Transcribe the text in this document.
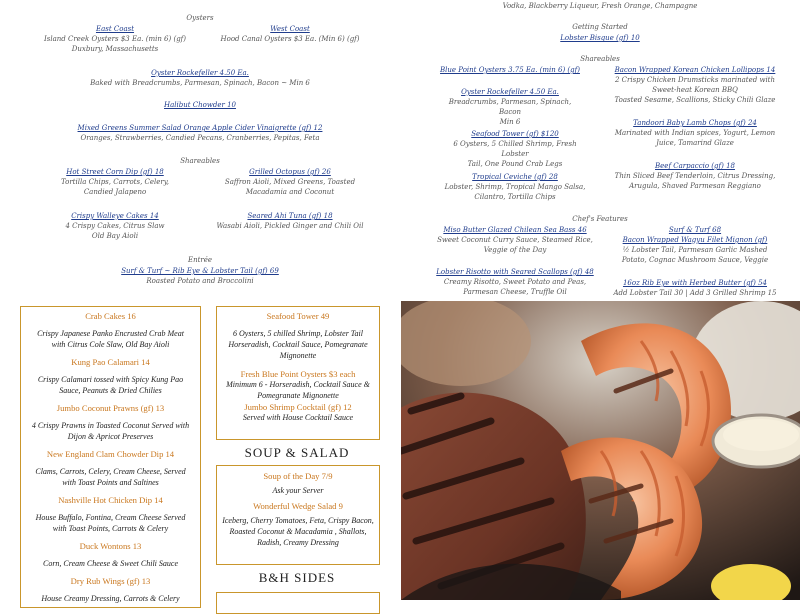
Oysters
East Coast
Island Creek Oysters $3 Ea. (min 6) (gf)
Duxbury, Massachusetts
West Coast
Hood Canal Oysters $3 Ea. (Min 6) (gf)
Oyster Rockefeller 4.50 Ea.
Baked with Breadcrumbs, Parmesan, Spinach, Bacon ~ Min 6
Halibut Chowder 10
Mixed Greens Summer Salad Orange Apple Cider Vinaigrette (gf) 12
Oranges, Strawberries, Candied Pecans, Cranberries, Pepitas, Feta
Shareables
Hot Street Corn Dip (gf) 18
Tortilla Chips, Carrots, Celery,
Candied Jalapeno
Grilled Octopus (gf) 26
Saffron Aioli, Mixed Greens, Toasted
Macadamia and Coconut
Crispy Walleye Cakes 14
4 Crispy Cakes, Citrus Slaw
Old Bay Aioli
Seared Ahi Tuna (gf) 18
Wasabi Aioli, Pickled Ginger and Chili Oil
Entrée
Surf & Turf ~ Rib Eye & Lobster Tail (gf) 69
Roasted Potato and Broccolini
Vodka, Blackberry Liqueur, Fresh Orange, Champagne
Getting Started
Lobster Bisque (gf) 10
Shareables
Blue Point Oysters 3.75 Ea. (min 6) (gf)
Oyster Rockefeller 4.50 Ea.
Breadcrumbs, Parmesan, Spinach, Bacon
Min 6
Seafood Tower (gf) $120
6 Oysters, 5 Chilled Shrimp, Fresh Lobster
Tail, One Pound Crab Legs
Tropical Ceviche (gf) 28
Lobster, Shrimp, Tropical Mango Salsa,
Cilantro, Tortilla Chips
Bacon Wrapped Korean Chicken Lollipops 14
2 Crispy Chicken Drumsticks marinated with
Sweet-heat Korean BBQ
Toasted Sesame, Scallions, Sticky Chili Glaze
Tandoori Baby Lamb Chops (gf) 24
Marinated with Indian spices, Yogurt, Lemon
Juice, Tamarind Glaze
Beef Carpaccio (gf) 18
Thin Sliced Beef Tenderloin, Citrus Dressing,
Arugula, Shaved Parmesan Reggiano
Chef's Features
Miso Butter Glazed Chilean Sea Bass 46
Sweet Coconut Curry Sauce, Steamed Rice,
Veggie of the Day
Surf & Turf 68
Bacon Wrapped Wagyu Filet Mignon (gf)
½ Lobster Tail, Parmesan Garlic Mashed
Potato, Cognac Mushroom Sauce, Veggie
Lobster Risotto with Seared Scallops (gf) 48
Creamy Risotto, Sweet Potato and Peas,
Parmesan Cheese, Truffle Oil
16oz Rib Eye with Herbed Butter (gf) 54
Add Lobster Tail 30 | Add 3 Grilled Shrimp 15
Crab Cakes 16
Crispy Japanese Panko Encrusted Crab Meat with Citrus Cole Slaw, Old Bay Aioli
Kung Pao Calamari 14
Crispy Calamari tossed with Spicy Kung Pao Sauce, Peanuts & Dried Chilies
Jumbo Coconut Prawns (gf) 13
4 Crispy Prawns in Toasted Coconut Served with Dijon & Apricot Preserves
New England Clam Chowder Dip 14
Clams, Carrots, Celery, Cream Cheese, Served with Toast Points and Saltines
Nashville Hot Chicken Dip 14
House Buffalo, Fontina, Cream Cheese Served with Toast Points, Carrots & Celery
Duck Wontons 13
Corn, Cream Cheese & Sweet Chili Sauce
Dry Rub Wings (gf) 13
House Creamy Dressing, Carrots & Celery
Seafood Tower 49
6 Oysters, 5 chilled Shrimp, Lobster Tail Horseradish, Cocktail Sauce, Pomegranate Mignonette
Fresh Blue Point Oysters $3 each
Minimum 6 - Horseradish, Cocktail Sauce & Pomegranate Mignonette
Jumbo Shrimp Cocktail (gf) 12
Served with House Cocktail Sauce
SOUP & SALAD
Soup of the Day 7/9
Ask your Server
Wonderful Wedge Salad 9
Iceberg, Cherry Tomatoes, Feta, Crispy Bacon, Roasted Coconut & Macadamia , Shallots, Radish, Creamy Dressing
B&H SIDES
